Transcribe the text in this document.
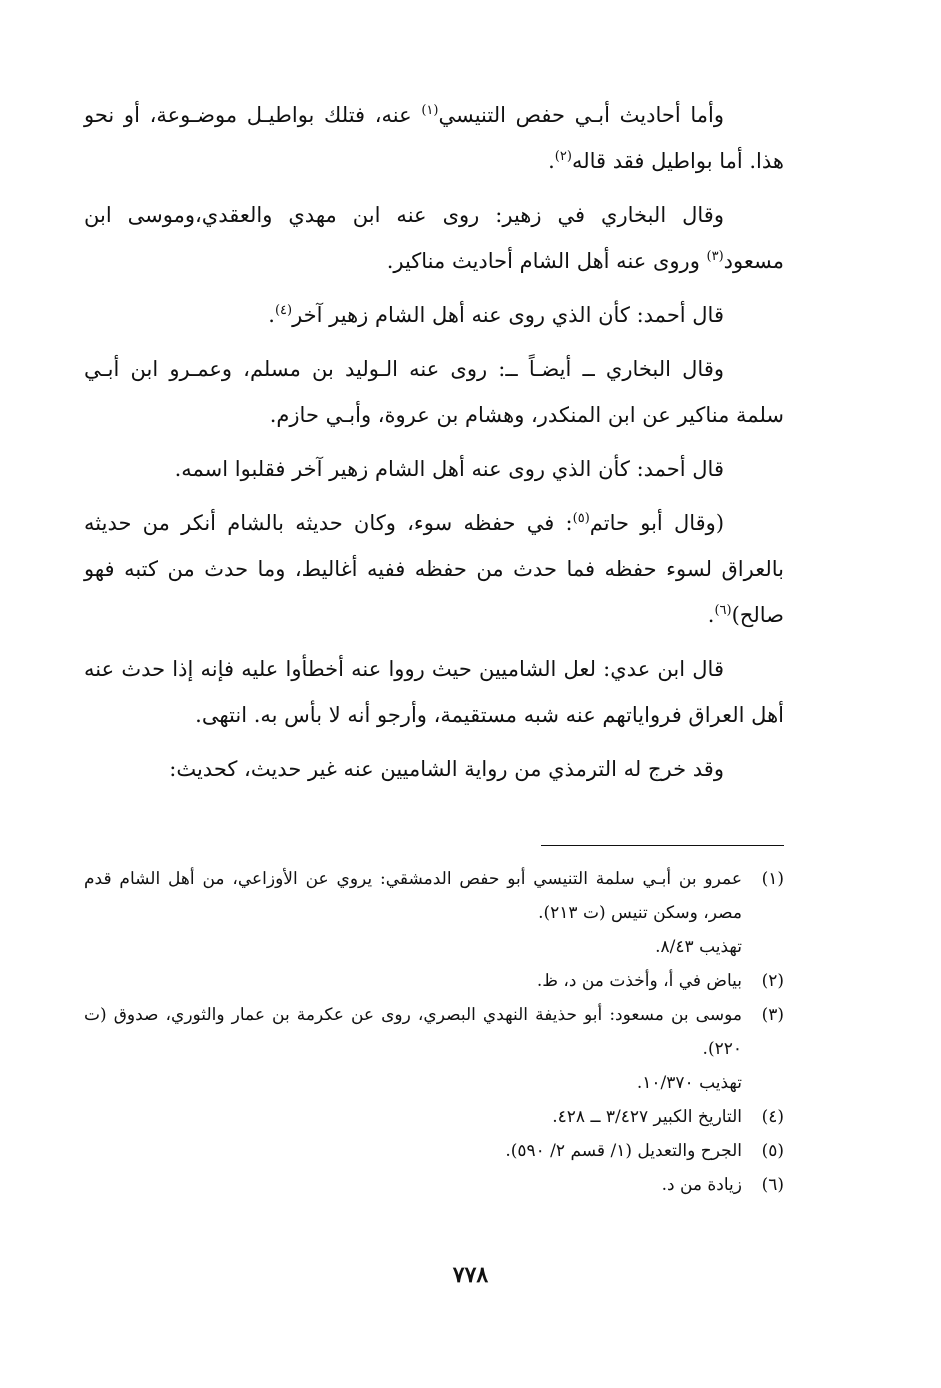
وأما أحاديث أبـي حفص التنيسي$^{(١)}$ عنه، فتلك بواطيـل موضـوعة، أو نحو هذا. أما بواطيل فقد قاله$^{(٢)}$.

وقال البخاري في زهير: روى عنه ابن مهدي والعقدي،وموسى ابن مسعود$^{(٣)}$ وروى عنه أهل الشام أحاديث مناكير.

قال أحمد: كأن الذي روى عنه أهل الشام زهير آخر$^{(٤)}$.

وقال البخاري ــ أيضـاً ــ: روى عنه الـوليد بن مسلم، وعمـرو ابن أبـي سلمة مناكير عن ابن المنكدر، وهشام بن عروة، وأبـي حازم.

قال أحمد: كأن الذي روى عنه أهل الشام زهير آخر فقلبوا اسمه.

(وقال أبو حاتم$^{(٥)}$: في حفظه سوء، وكان حديثه بالشام أنكر من حديثه بالعراق لسوء حفظه فما حدث من حفظه ففيه أغاليط، وما حدث من كتبه فهو صالح)$^{(٦)}$.

قال ابن عدي: لعل الشاميين حيث رووا عنه أخطأوا عليه فإنه إذا حدث عنه أهل العراق فرواياتهم عنه شبه مستقيمة، وأرجو أنه لا بأس به. انتهى.

وقد خرج له الترمذي من رواية الشاميين عنه غير حديث، كحديث:

(١)
عمرو بن أبـي سلمة التنيسي أبو حفص الدمشقي: يروي عن الأوزاعي، من أهل الشام قدم مصر، وسكن تنيس (ت ٢١٣).
تهذيب ٨/٤٣.
(٢)
بياض في أ، وأخذت من د، ظ.
(٣)
موسى بن مسعود: أبو حذيفة النهدي البصري، روى عن عكرمة بن عمار والثوري، صدوق (ت ٢٢٠).
تهذيب ١٠/٣٧٠.
(٤)
التاريخ الكبير ٣/٤٢٧ ــ ٤٢٨.
(٥)
الجرح والتعديل (١/ قسم ٢/ ٥٩٠).
(٦)
زيادة من د.
٧٧٨
